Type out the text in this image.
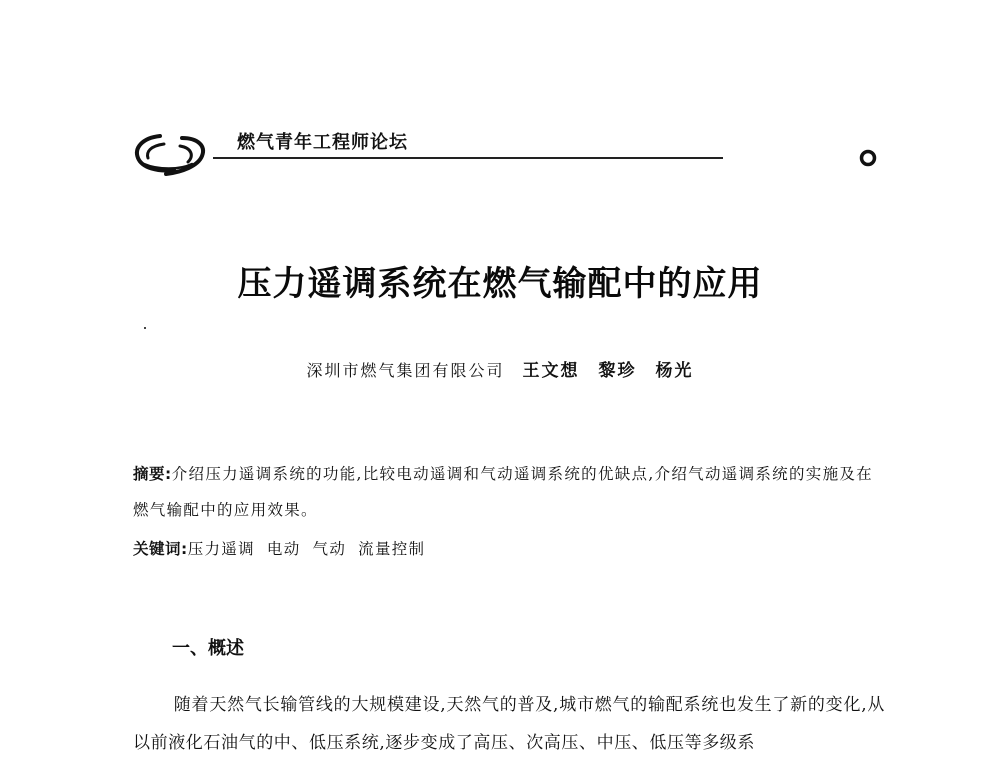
燃气青年工程师论坛
压力遥调系统在燃气输配中的应用
深圳市燃气集团有限公司 王文想　黎珍　杨光
摘要:介绍压力遥调系统的功能,比较电动遥调和气动遥调系统的优缺点,介绍气动遥调系统的实施及在燃气输配中的应用效果。
关键词:压力遥调 电动 气动 流量控制
一、概述
随着天然气长输管线的大规模建设,天然气的普及,城市燃气的输配系统也发生了新的变化,从以前液化石油气的中、低压系统,逐步变成了高压、次高压、中压、低压等多级系
